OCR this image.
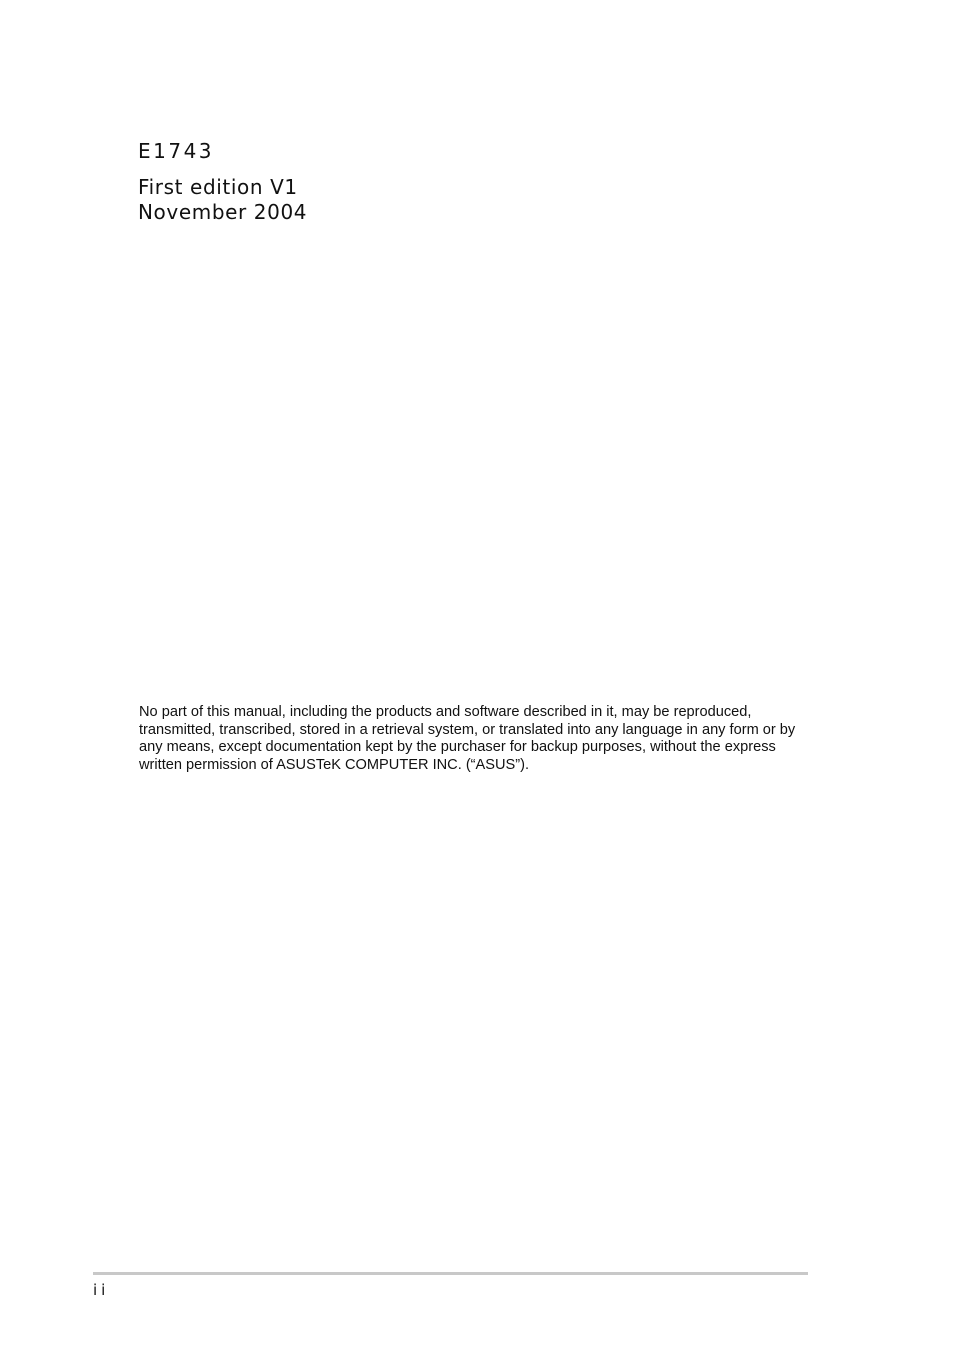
E1743
First edition V1
November 2004

No part of this manual, including the products and software described in it, may be reproduced, transmitted, transcribed, stored in a retrieval system, or translated into any language in any form or by any means, except documentation kept by the purchaser for backup purposes, without the express written permission of ASUSTeK COMPUTER INC. (“ASUS”).

ii
